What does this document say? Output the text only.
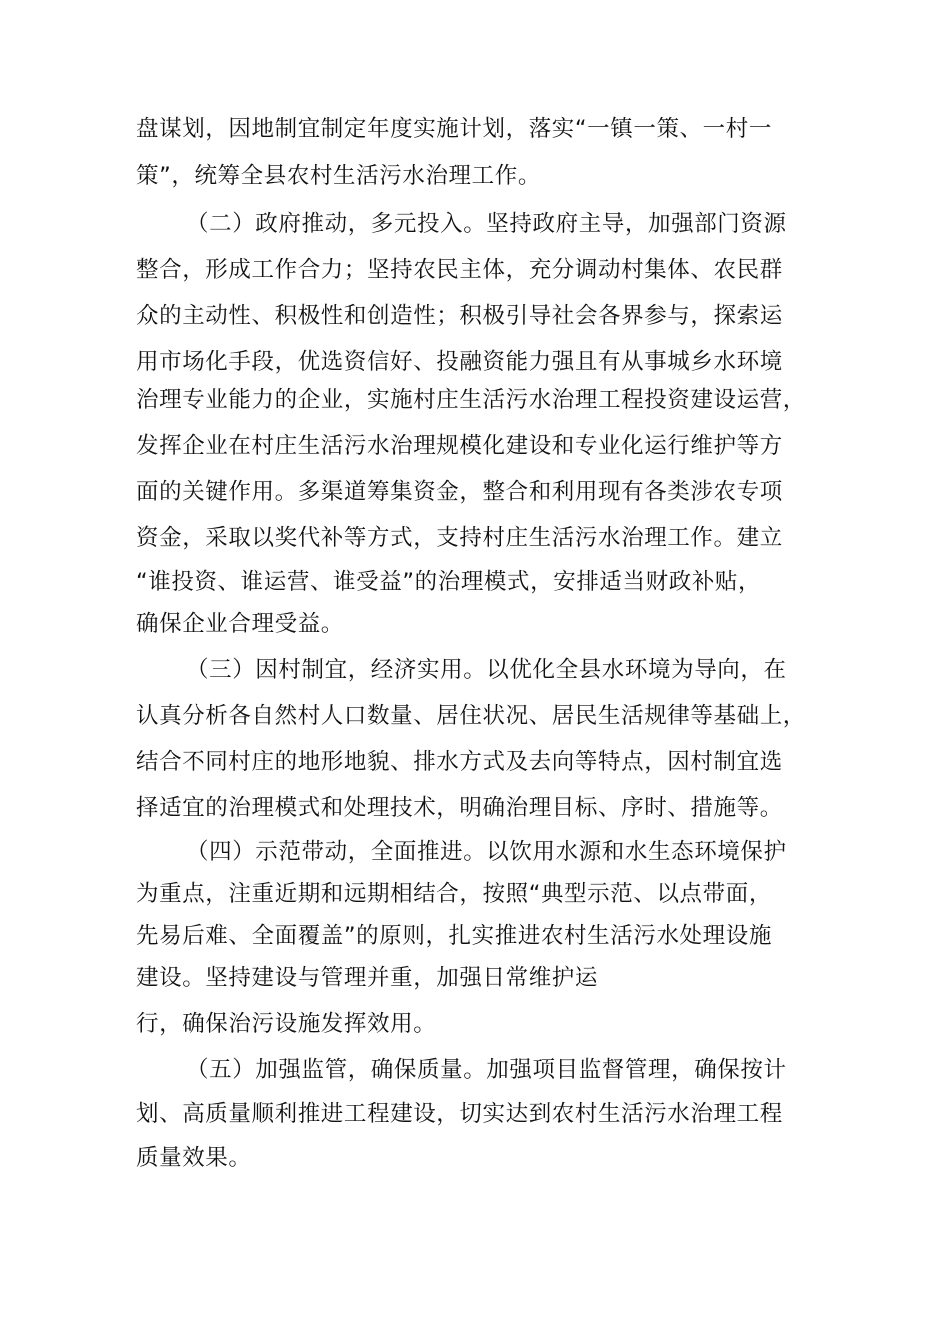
盘谋划，因地制宜制定年度实施计划，落实“一镇一策、一村一

策”，统筹全县农村生活污水治理工作。

（二）政府推动，多元投入。坚持政府主导，加强部门资源

整合，形成工作合力；坚持农民主体，充分调动村集体、农民群

众的主动性、积极性和创造性；积极引导社会各界参与，探索运

用市场化手段，优选资信好、投融资能力强且有从事城乡水环境

治理专业能力的企业，实施村庄生活污水治理工程投资建设运营，

发挥企业在村庄生活污水治理规模化建设和专业化运行维护等方

面的关键作用。多渠道筹集资金，整合和利用现有各类涉农专项

资金，采取以奖代补等方式，支持村庄生活污水治理工作。建立

“谁投资、谁运营、谁受益”的治理模式，安排适当财政补贴，

确保企业合理受益。

（三）因村制宜，经济实用。以优化全县水环境为导向，在

认真分析各自然村人口数量、居住状况、居民生活规律等基础上，

结合不同村庄的地形地貌、排水方式及去向等特点，因村制宜选

择适宜的治理模式和处理技术，明确治理目标、序时、措施等。

（四）示范带动，全面推进。以饮用水源和水生态环境保护

为重点，注重近期和远期相结合，按照“典型示范、以点带面，

先易后难、全面覆盖”的原则，扎实推进农村生活污水处理设施

建设。坚持建设与管理并重，加强日常维护运

行，确保治污设施发挥效用。

（五）加强监管，确保质量。加强项目监督管理，确保按计

划、高质量顺利推进工程建设，切实达到农村生活污水治理工程

质量效果。
